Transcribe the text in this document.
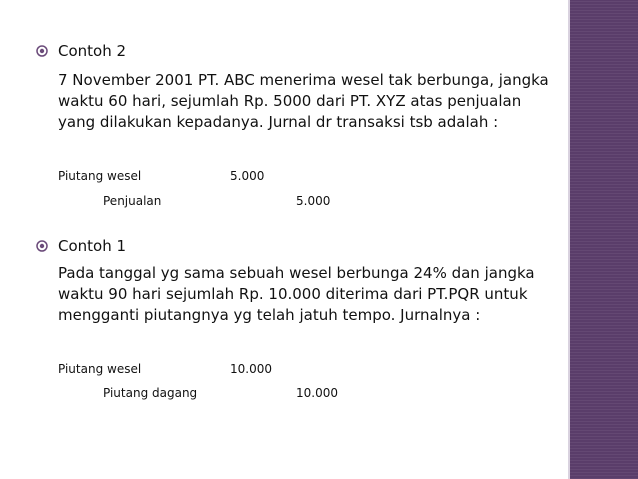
Contoh 2
7 November 2001 PT. ABC menerima wesel tak berbunga, jangka
waktu 60 hari, sejumlah Rp. 5000 dari PT. XYZ atas penjualan
yang dilakukan kepadanya. Jurnal dr transaksi tsb adalah :
Piutang wesel	5.000
Penjualan	5.000
Contoh 1
Pada tanggal yg sama sebuah wesel berbunga 24% dan jangka
waktu 90 hari sejumlah Rp. 10.000 diterima dari PT.PQR untuk
mengganti piutangnya yg telah jatuh tempo. Jurnalnya :
Piutang wesel	10.000
Piutang dagang	10.000
